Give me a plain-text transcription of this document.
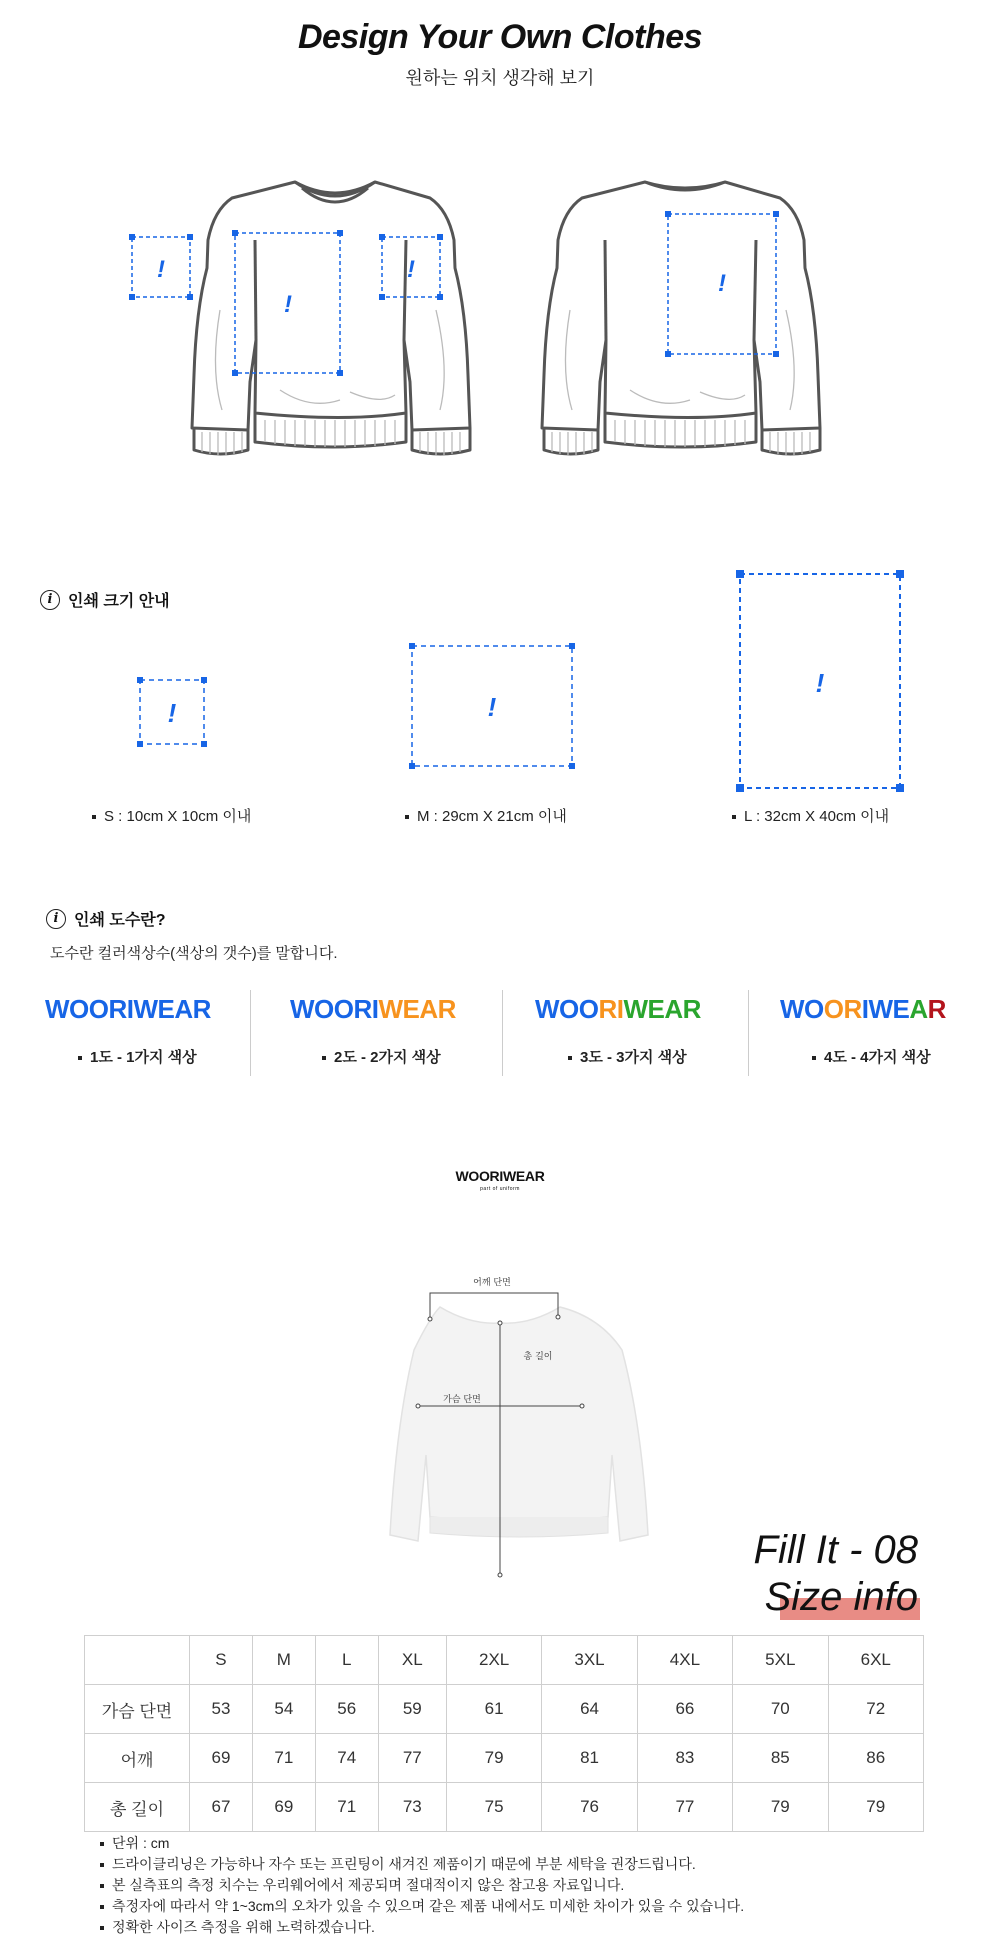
Design Your Own Clothes
원하는 위치 생각해 보기
!
!	!
!
i 인쇄 크기 안내
!	!
!
S : 10cm X 10cm 이내	M : 29cm X 21cm 이내	L : 32cm X 40cm 이내
i 인쇄 도수란?
도수란 컬러색상수(색상의 갯수)를 말합니다.
WOORIWEAR	WOORIWEAR	WOORIWEAR	WOORIWEAR
1도 - 1가지 색상	2도 - 2가지 색상	3도 - 3가지 색상	4도 - 4가지 색상
WOORIWEAR
part of uniform
어깨 단면
총 길이
가슴 단면
Fill It - 08
Size info
	S	M	L	XL	2XL	3XL	4XL	5XL	6XL
가슴 단면	53	54	56	59	61	64	66	70	72
어깨	69	71	74	77	79	81	83	85	86
총 길이	67	69	71	73	75	76	77	79	79
단위 : cm
드라이클리닝은 가능하나 자수 또는 프린팅이 새겨진 제품이기 때문에 부분 세탁을 권장드립니다.
본 실측표의 측정 치수는 우리웨어에서 제공되며 절대적이지 않은 참고용 자료입니다.
측정자에 따라서 약 1~3cm의 오차가 있을 수 있으며 같은 제품 내에서도 미세한 차이가 있을 수 있습니다.
정확한 사이즈 측정을 위해 노력하겠습니다.
